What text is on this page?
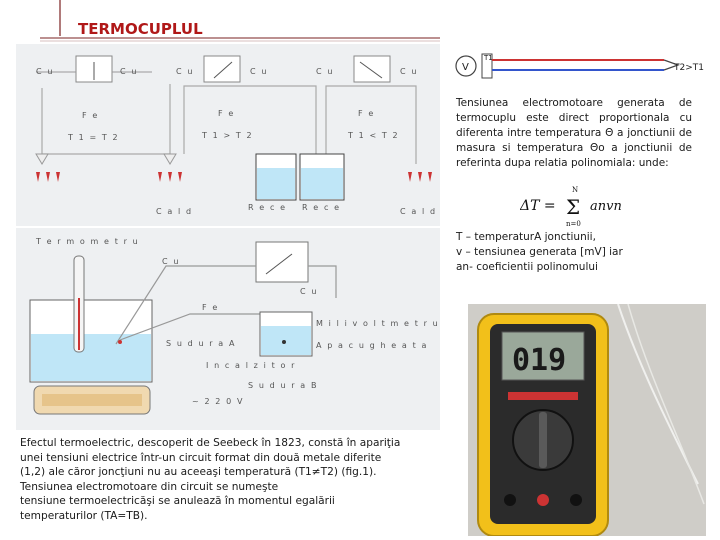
TERMOCUPLUL
C u	C u
F e
T 1 = T 2
C u	C u
F e
T 1 > T 2
C u	C u
F e
T 1 < T 2
C a l d	R e c e R e c e	C a l d
T e r m o m e t r u
C u
C u
F e
M i l i v o l t m e t r u
S u d u r a A	A p a c u g h e a t a
I n c a l z i t o r
S u d u r a B
~ 2 2 0 V
V
T1
T2>T1
Tensiunea electromotoare generata de termocuplu este direct proportionala cu diferenta intre temperatura Θ a jonctiunii de masura si temperatura Θo a jonctiunii de referinta dupa relatia polinomiala: unde:
ΔT =
N
Σ
n=0
anvn
T – temperaturA jonctiunii,
v – tensiunea generata [mV] iar
an- coeficientii polinomului
019
Efectul termoelectric, descoperit de Seebeck în 1823, constă în apariţia
unei tensiuni electrice într-un circuit format din două metale diferite
(1,2) ale căror joncţiuni nu au aceeaşi temperatură (T1≠T2) (fig.1).
Tensiunea electromotoare din circuit se numeşte
tensiune termoelectricăşi se anulează în momentul egalării
temperaturilor (TA=TB).
